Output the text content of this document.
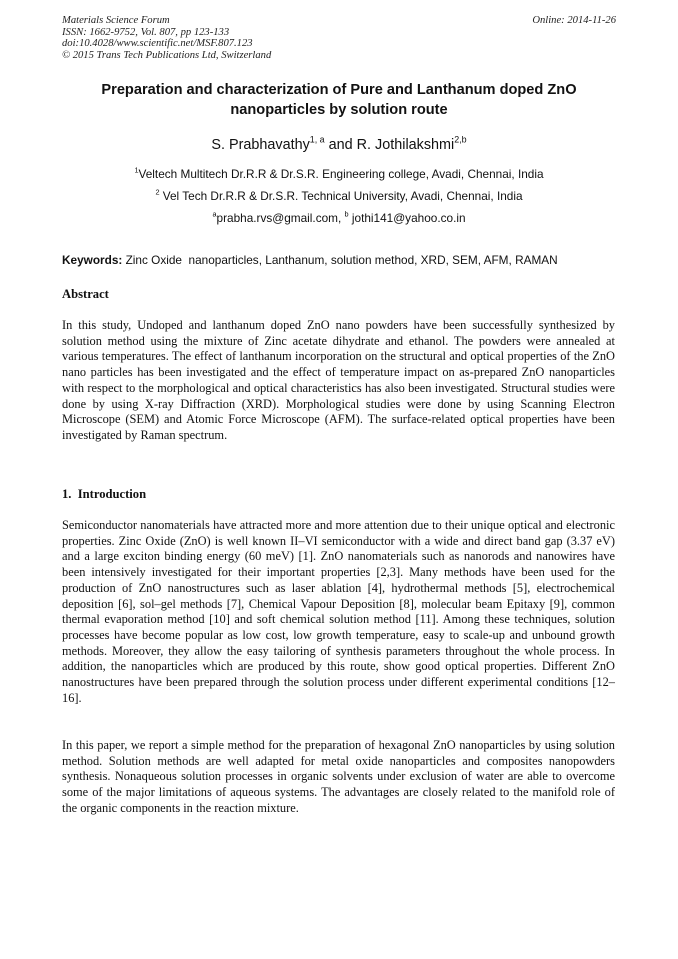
Materials Science Forum
ISSN: 1662-9752, Vol. 807, pp 123-133
doi:10.4028/www.scientific.net/MSF.807.123
© 2015 Trans Tech Publications Ltd, Switzerland
Online: 2014-11-26
Preparation and characterization of Pure and Lanthanum doped ZnO nanoparticles by solution route
S. Prabhavathy$^{1, a}$ and R. Jothilakshmi$^{2,b}$
$^1$Veltech Multitech Dr.R.R & Dr.S.R. Engineering college, Avadi, Chennai, India
$^2$ Vel Tech Dr.R.R & Dr.S.R. Technical University, Avadi, Chennai, India
$^a$prabha.rvs@gmail.com, $^b$ jothi141@yahoo.co.in
Keywords: Zinc Oxide  nanoparticles, Lanthanum, solution method, XRD, SEM, AFM, RAMAN
Abstract
In this study, Undoped and lanthanum doped ZnO nano powders have been successfully synthesized by solution method using the mixture of Zinc acetate dihydrate and ethanol. The powders were annealed at various temperatures. The effect of lanthanum incorporation on the structural and optical properties of the ZnO nano particles has been investigated and the effect of temperature impact on as-prepared ZnO nanoparticles with respect to the morphological and optical characteristics has also been investigated. Structural studies were done by using X-ray Diffraction (XRD). Morphological studies were done by using Scanning Electron Microscope (SEM) and Atomic Force Microscope (AFM). The surface-related optical properties have been investigated by Raman spectrum.
1.  Introduction
Semiconductor nanomaterials have attracted more and more attention due to their unique optical and electronic properties. Zinc Oxide (ZnO) is well known II–VI semiconductor with a wide and direct band gap (3.37 eV) and a large exciton binding energy (60 meV) [1]. ZnO nanomaterials such as nanorods and nanowires have been intensively investigated for their important properties [2,3]. Many methods have been used for the production of ZnO nanostructures such as laser ablation [4], hydrothermal methods [5], electrochemical deposition [6], sol–gel methods [7], Chemical Vapour Deposition [8], molecular beam Epitaxy [9], common thermal evaporation method [10] and soft chemical solution method [11]. Among these techniques, solution processes have become popular as low cost, low growth temperature, easy to scale-up and unbound growth methods. Moreover, they allow the easy tailoring of synthesis parameters throughout the whole process. In addition, the nanoparticles which are produced by this route, show good optical properties. Different ZnO nanostructures have been prepared through the solution process under different experimental conditions [12–16].
In this paper, we report a simple method for the preparation of hexagonal ZnO nanoparticles by using solution method. Solution methods are well adapted for metal oxide nanoparticles and composites nanopowders synthesis. Nonaqueous solution processes in organic solvents under exclusion of water are able to overcome some of the major limitations of aqueous systems. The advantages are closely related to the manifold role of the organic components in the reaction mixture.
